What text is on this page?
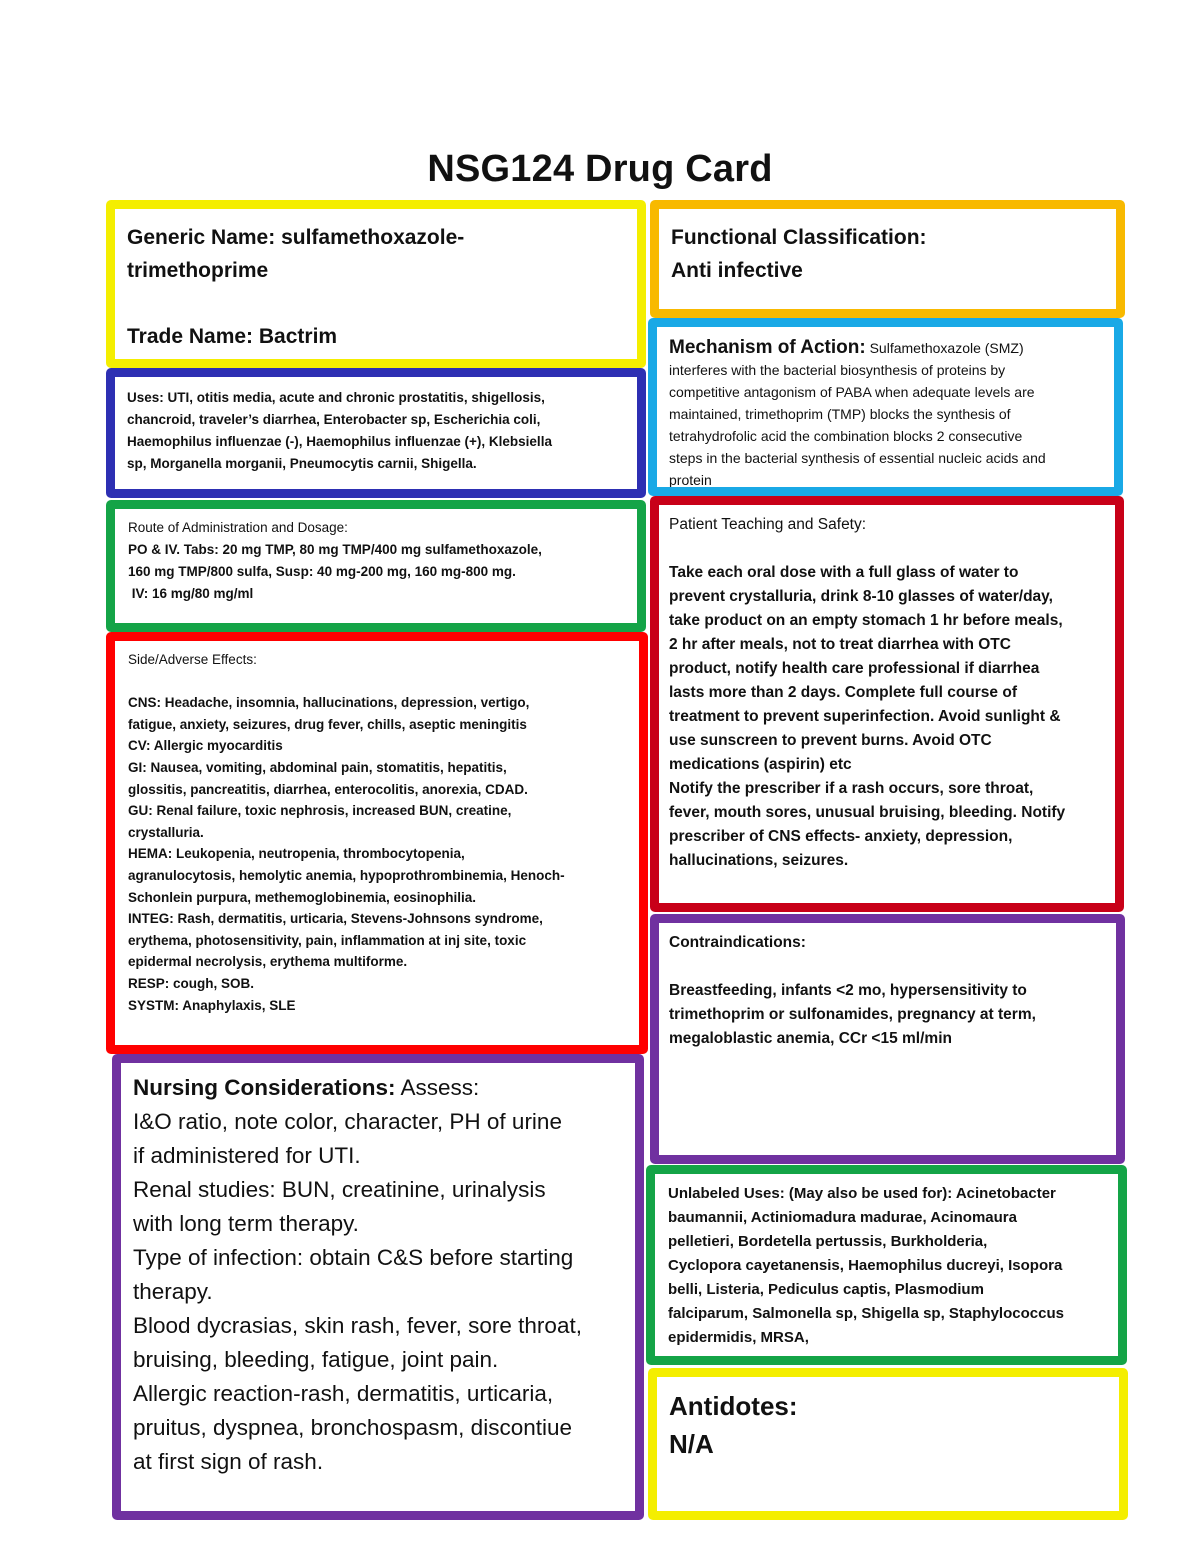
NSG124 Drug Card
Generic Name: sulfamethoxazole-
trimethoprime
Trade Name: Bactrim
Functional Classification:
Anti infective
Mechanism of Action: Sulfamethoxazole (SMZ)
interferes with the bacterial biosynthesis of proteins by
competitive antagonism of PABA when adequate levels are
maintained, trimethoprim (TMP) blocks the synthesis of
tetrahydrofolic acid the combination blocks 2 consecutive
steps in the bacterial synthesis of essential nucleic acids and
protein
Uses: UTI, otitis media, acute and chronic prostatitis, shigellosis,
chancroid, traveler’s diarrhea, Enterobacter sp, Escherichia coli,
Haemophilus influenzae (-), Haemophilus influenzae (+), Klebsiella
sp, Morganella morganii, Pneumocytis carnii, Shigella.
Route of Administration and Dosage:
PO & IV. Tabs: 20 mg TMP, 80 mg TMP/400 mg sulfamethoxazole,
160 mg TMP/800 sulfa, Susp: 40 mg-200 mg, 160 mg-800 mg.
IV: 16 mg/80 mg/ml
Patient Teaching and Safety:
Take each oral dose with a full glass of water to
prevent crystalluria, drink 8-10 glasses of water/day,
take product on an empty stomach 1 hr before meals,
2 hr after meals, not to treat diarrhea with OTC
product, notify health care professional if diarrhea
lasts more than 2 days. Complete full course of
treatment to prevent superinfection. Avoid sunlight &
use sunscreen to prevent burns. Avoid OTC
medications (aspirin) etc
Notify the prescriber if a rash occurs, sore throat,
fever, mouth sores, unusual bruising, bleeding. Notify
prescriber of CNS effects- anxiety, depression,
hallucinations, seizures.
Side/Adverse Effects:
CNS: Headache, insomnia, hallucinations, depression, vertigo,
fatigue, anxiety, seizures, drug fever, chills, aseptic meningitis
CV: Allergic myocarditis
GI: Nausea, vomiting, abdominal pain, stomatitis, hepatitis,
glossitis, pancreatitis, diarrhea, enterocolitis, anorexia, CDAD.
GU: Renal failure, toxic nephrosis, increased BUN, creatine,
crystalluria.
HEMA: Leukopenia, neutropenia, thrombocytopenia,
agranulocytosis, hemolytic anemia, hypoprothrombinemia, Henoch-
Schonlein purpura, methemoglobinemia, eosinophilia.
INTEG: Rash, dermatitis, urticaria, Stevens-Johnsons syndrome,
erythema, photosensitivity, pain, inflammation at inj site, toxic
epidermal necrolysis, erythema multiforme.
RESP: cough, SOB.
SYSTM: Anaphylaxis, SLE
Nursing Considerations: Assess:
I&O ratio, note color, character, PH of urine
if administered for UTI.
Renal studies: BUN, creatinine, urinalysis
with long term therapy.
Type of infection: obtain C&S before starting
therapy.
Blood dycrasias, skin rash, fever, sore throat,
bruising, bleeding, fatigue, joint pain.
Allergic reaction-rash, dermatitis, urticaria,
pruitus, dyspnea, bronchospasm, discontiue
at first sign of rash.
Contraindications:
Breastfeeding, infants <2 mo, hypersensitivity to
trimethoprim or sulfonamides, pregnancy at term,
megaloblastic anemia, CCr <15 ml/min
Unlabeled Uses: (May also be used for): Acinetobacter
baumannii, Actiniomadura madurae, Acinomaura
pelletieri, Bordetella pertussis, Burkholderia,
Cyclopora cayetanensis, Haemophilus ducreyi, Isopora
belli, Listeria, Pediculus captis, Plasmodium
falciparum, Salmonella sp, Shigella sp, Staphylococcus
epidermidis, MRSA,
Antidotes:
N/A
